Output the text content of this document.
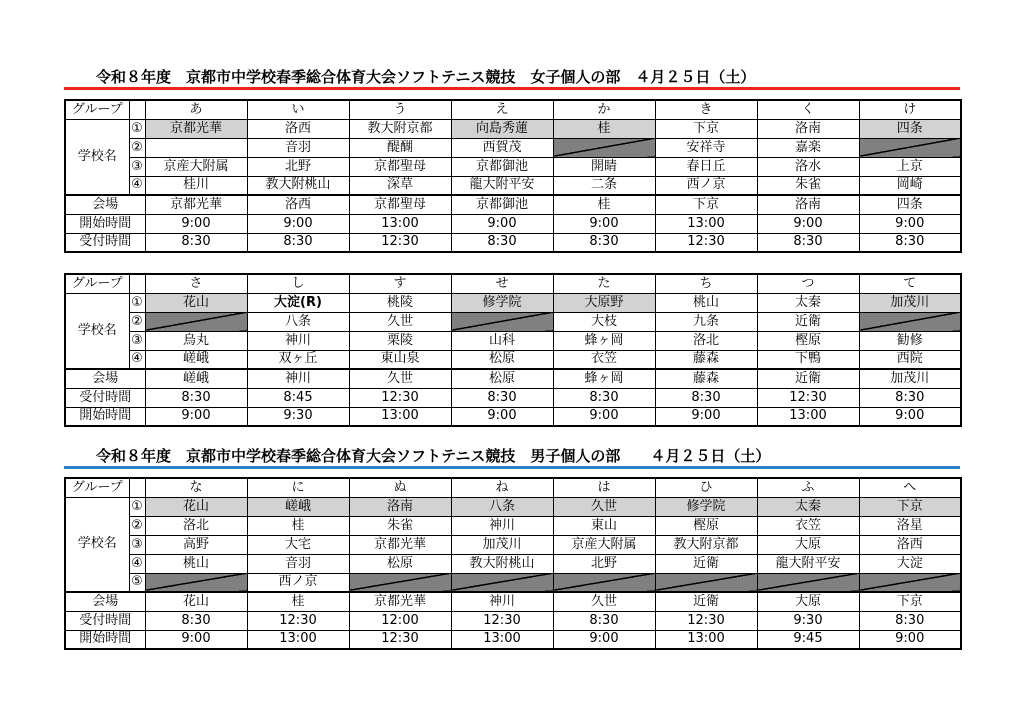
令和８年度　京都市中学校春季総合体育大会ソフトテニス競技　女子個人の部　４月２５日（土）
グループ		あ	い	う	え	か	き	く	け
学校名	①	京都光華	洛西	教大附京都	向島秀蓮	桂	下京	洛南	四条
	②		音羽	醍醐	西賀茂		安祥寺	嘉楽	
	③	京産大附属	北野	京都聖母	京都御池	開睛	春日丘	洛水	上京
	④	桂川	教大附桃山	深草	龍大附平安	二条	西ノ京	朱雀	岡崎
会場		京都光華	洛西	京都聖母	京都御池	桂	下京	洛南	四条
開始時間		9:00	9:00	13:00	9:00	9:00	13:00	9:00	9:00
受付時間		8:30	8:30	12:30	8:30	8:30	12:30	8:30	8:30
グループ		さ	し	す	せ	た	ち	つ	て
学校名	①	花山	大淀(R)	桃陵	修学院	大原野	桃山	太秦	加茂川
	②		八条	久世		大枝	九条	近衛	
	③	烏丸	神川	栗陵	山科	蜂ヶ岡	洛北	樫原	勧修
	④	嵯峨	双ヶ丘	東山泉	松原	衣笠	藤森	下鴨	西院
会場		嵯峨	神川	久世	松原	蜂ヶ岡	藤森	近衛	加茂川
受付時間		8:30	8:45	12:30	8:30	8:30	8:30	12:30	8:30
開始時間		9:00	9:30	13:00	9:00	9:00	9:00	13:00	9:00
令和８年度　京都市中学校春季総合体育大会ソフトテニス競技　男子個人の部　　４月２５日（土）
グループ		な	に	ぬ	ね	は	ひ	ふ	へ
学校名	①	花山	嵯峨	洛南	八条	久世	修学院	太秦	下京
	②	洛北	桂	朱雀	神川	東山	樫原	衣笠	洛星
	③	高野	大宅	京都光華	加茂川	京産大附属	教大附京都	大原	洛西
	④	桃山	音羽	松原	教大附桃山	北野	近衛	龍大附平安	大淀
	⑤		西ノ京						
会場		花山	桂	京都光華	神川	久世	近衛	大原	下京
受付時間		8:30	12:30	12:00	12:30	8:30	12:30	9:30	8:30
開始時間		9:00	13:00	12:30	13:00	9:00	13:00	9:45	9:00
